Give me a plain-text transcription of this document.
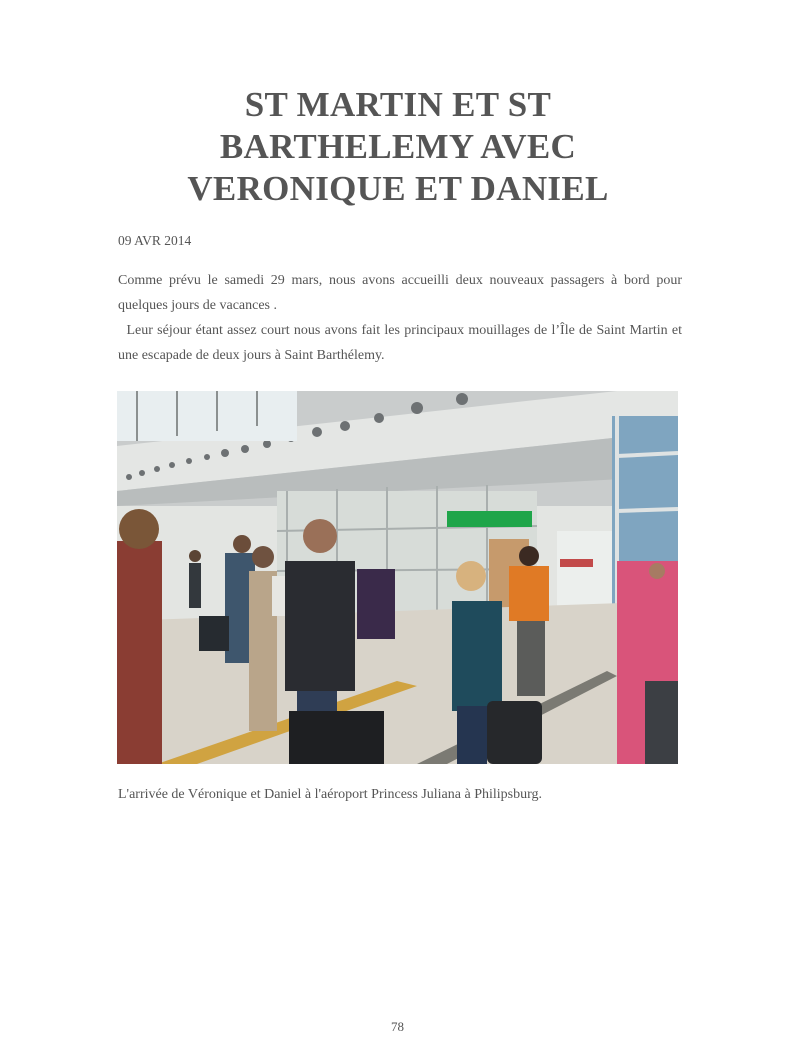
ST MARTIN ET ST
BARTHELEMY AVEC
VERONIQUE ET DANIEL
09 AVR 2014

Comme prévu le samedi 29 mars, nous avons accueilli deux nouveaux passagers à bord pour quelques jours de vacances .

Leur séjour étant assez court nous avons fait les principaux mouillages de l’Île de Saint Martin et une escapade de deux jours à Saint Barthélemy.

L'arrivée de Véronique et Daniel à l'aéroport Princess Juliana à Philipsburg.
78
